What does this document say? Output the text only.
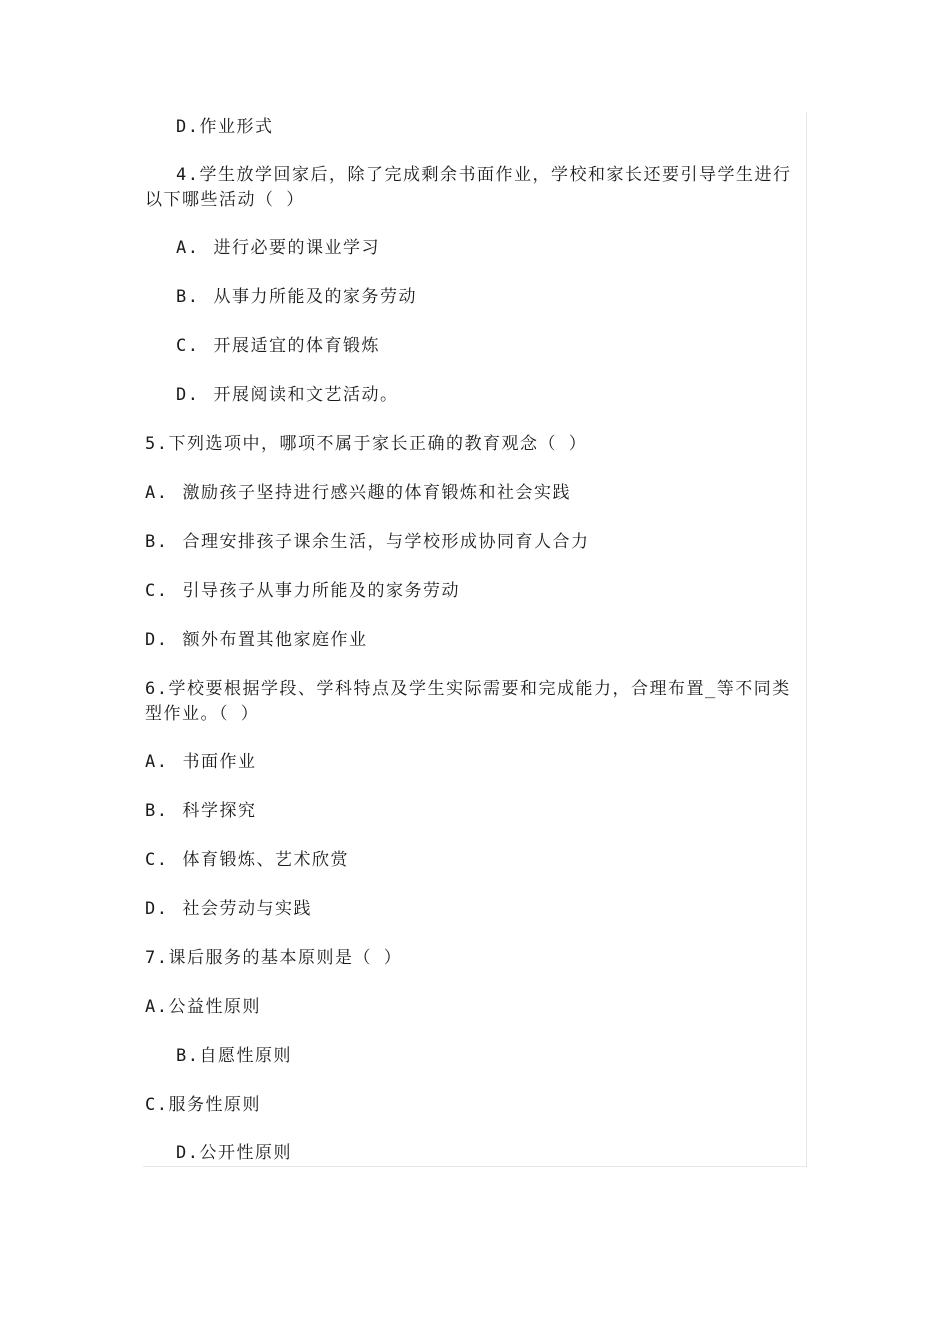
D.作业形式
4.学生放学回家后，除了完成剩余书面作业，学校和家长还要引导学生进行以下哪些活动（ ）
A. 进行必要的课业学习
B. 从事力所能及的家务劳动
C. 开展适宜的体育锻炼
D. 开展阅读和文艺活动。
5.下列选项中，哪项不属于家长正确的教育观念（ ）
A. 激励孩子坚持进行感兴趣的体育锻炼和社会实践
B. 合理安排孩子课余生活，与学校形成协同育人合力
C. 引导孩子从事力所能及的家务劳动
D. 额外布置其他家庭作业
6.学校要根据学段、学科特点及学生实际需要和完成能力，合理布置_等不同类型作业。（ ）
A. 书面作业
B. 科学探究
C. 体育锻炼、艺术欣赏
D. 社会劳动与实践
7.课后服务的基本原则是（ ）
A.公益性原则
B.自愿性原则
C.服务性原则
D.公开性原则
